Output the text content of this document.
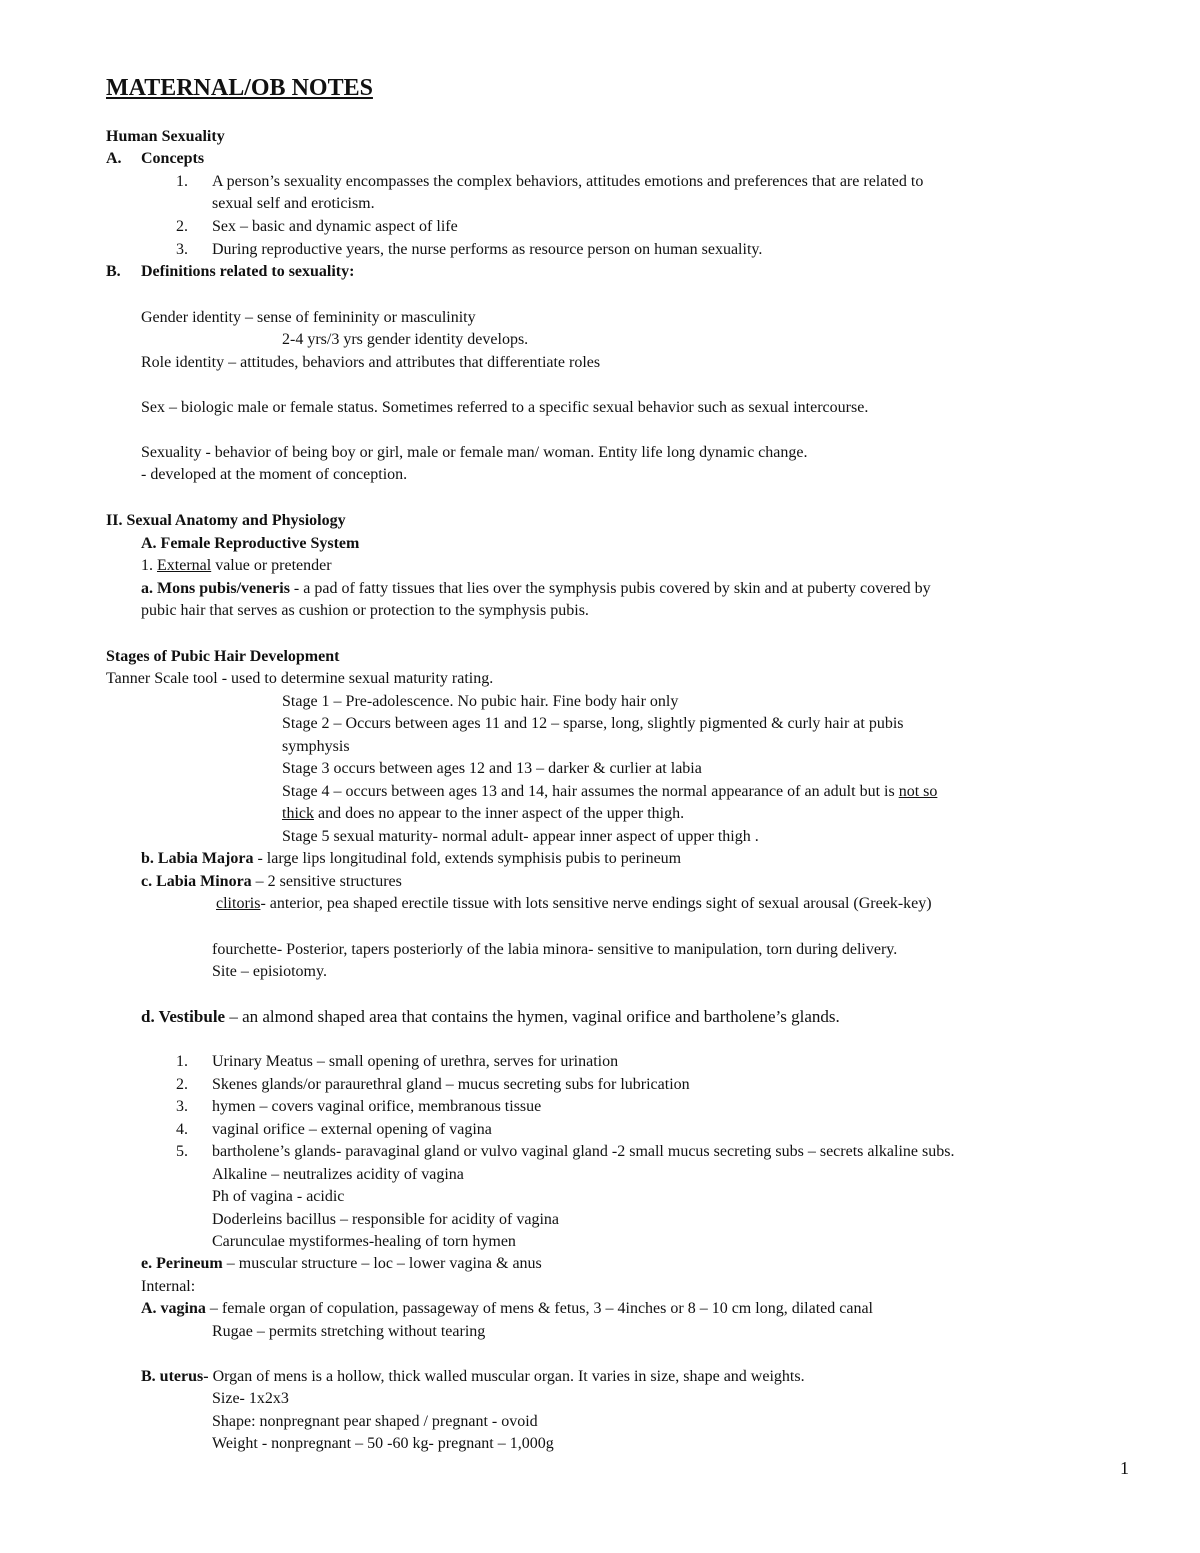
MATERNAL/OB NOTES
Human Sexuality
A. Concepts
1. A person’s sexuality encompasses the complex behaviors, attitudes emotions and preferences that are related to
sexual self and eroticism.
2. Sex – basic and dynamic aspect of life
3. During reproductive years, the nurse performs as resource person on human sexuality.
B. Definitions related to sexuality:
Gender identity – sense of femininity or masculinity
2-4 yrs/3 yrs gender identity develops.
Role identity – attitudes, behaviors and attributes that differentiate roles
Sex – biologic male or female status. Sometimes referred to a specific sexual behavior such as sexual intercourse.
Sexuality - behavior of being boy or girl, male or female man/ woman. Entity life long dynamic change.
- developed at the moment of conception.
II. Sexual Anatomy and Physiology
A. Female Reproductive System
1. External value or pretender
a. Mons pubis/veneris - a pad of fatty tissues that lies over the symphysis pubis covered by skin and at puberty covered by
pubic hair that serves as cushion or protection to the symphysis pubis.
Stages of Pubic Hair Development
Tanner Scale tool - used to determine sexual maturity rating.
Stage 1 – Pre-adolescence. No pubic hair. Fine body hair only
Stage 2 – Occurs between ages 11 and 12 – sparse, long, slightly pigmented & curly hair at pubis
symphysis
Stage 3 occurs between ages 12 and 13 – darker & curlier at labia
Stage 4 – occurs between ages 13 and 14, hair assumes the normal appearance of an adult but is not so
thick and does no appear to the inner aspect of the upper thigh.
Stage 5 sexual maturity- normal adult- appear inner aspect of upper thigh .
b. Labia Majora - large lips longitudinal fold, extends symphisis pubis to perineum
c. Labia Minora – 2 sensitive structures
clitoris- anterior, pea shaped erectile tissue with lots sensitive nerve endings sight of sexual arousal (Greek-key)
fourchette- Posterior, tapers posteriorly of the labia minora- sensitive to manipulation, torn during delivery.
Site – episiotomy.
d. Vestibule – an almond shaped area that contains the hymen, vaginal orifice and bartholene’s glands.
1. Urinary Meatus – small opening of urethra, serves for urination
2. Skenes glands/or paraurethral gland – mucus secreting subs for lubrication
3. hymen – covers vaginal orifice, membranous tissue
4. vaginal orifice – external opening of vagina
5. bartholene’s glands- paravaginal gland or vulvo vaginal gland -2 small mucus secreting subs – secrets alkaline subs.
Alkaline – neutralizes acidity of vagina
Ph of vagina - acidic
Doderleins bacillus – responsible for acidity of vagina
Carunculae mystiformes-healing of torn hymen
e. Perineum – muscular structure – loc – lower vagina & anus
Internal:
A. vagina – female organ of copulation, passageway of mens & fetus, 3 – 4inches or 8 – 10 cm long, dilated canal
Rugae – permits stretching without tearing
B. uterus- Organ of mens is a hollow, thick walled muscular organ. It varies in size, shape and weights.
Size- 1x2x3
Shape: nonpregnant pear shaped / pregnant - ovoid
Weight - nonpregnant – 50 -60 kg- pregnant – 1,000g
1
